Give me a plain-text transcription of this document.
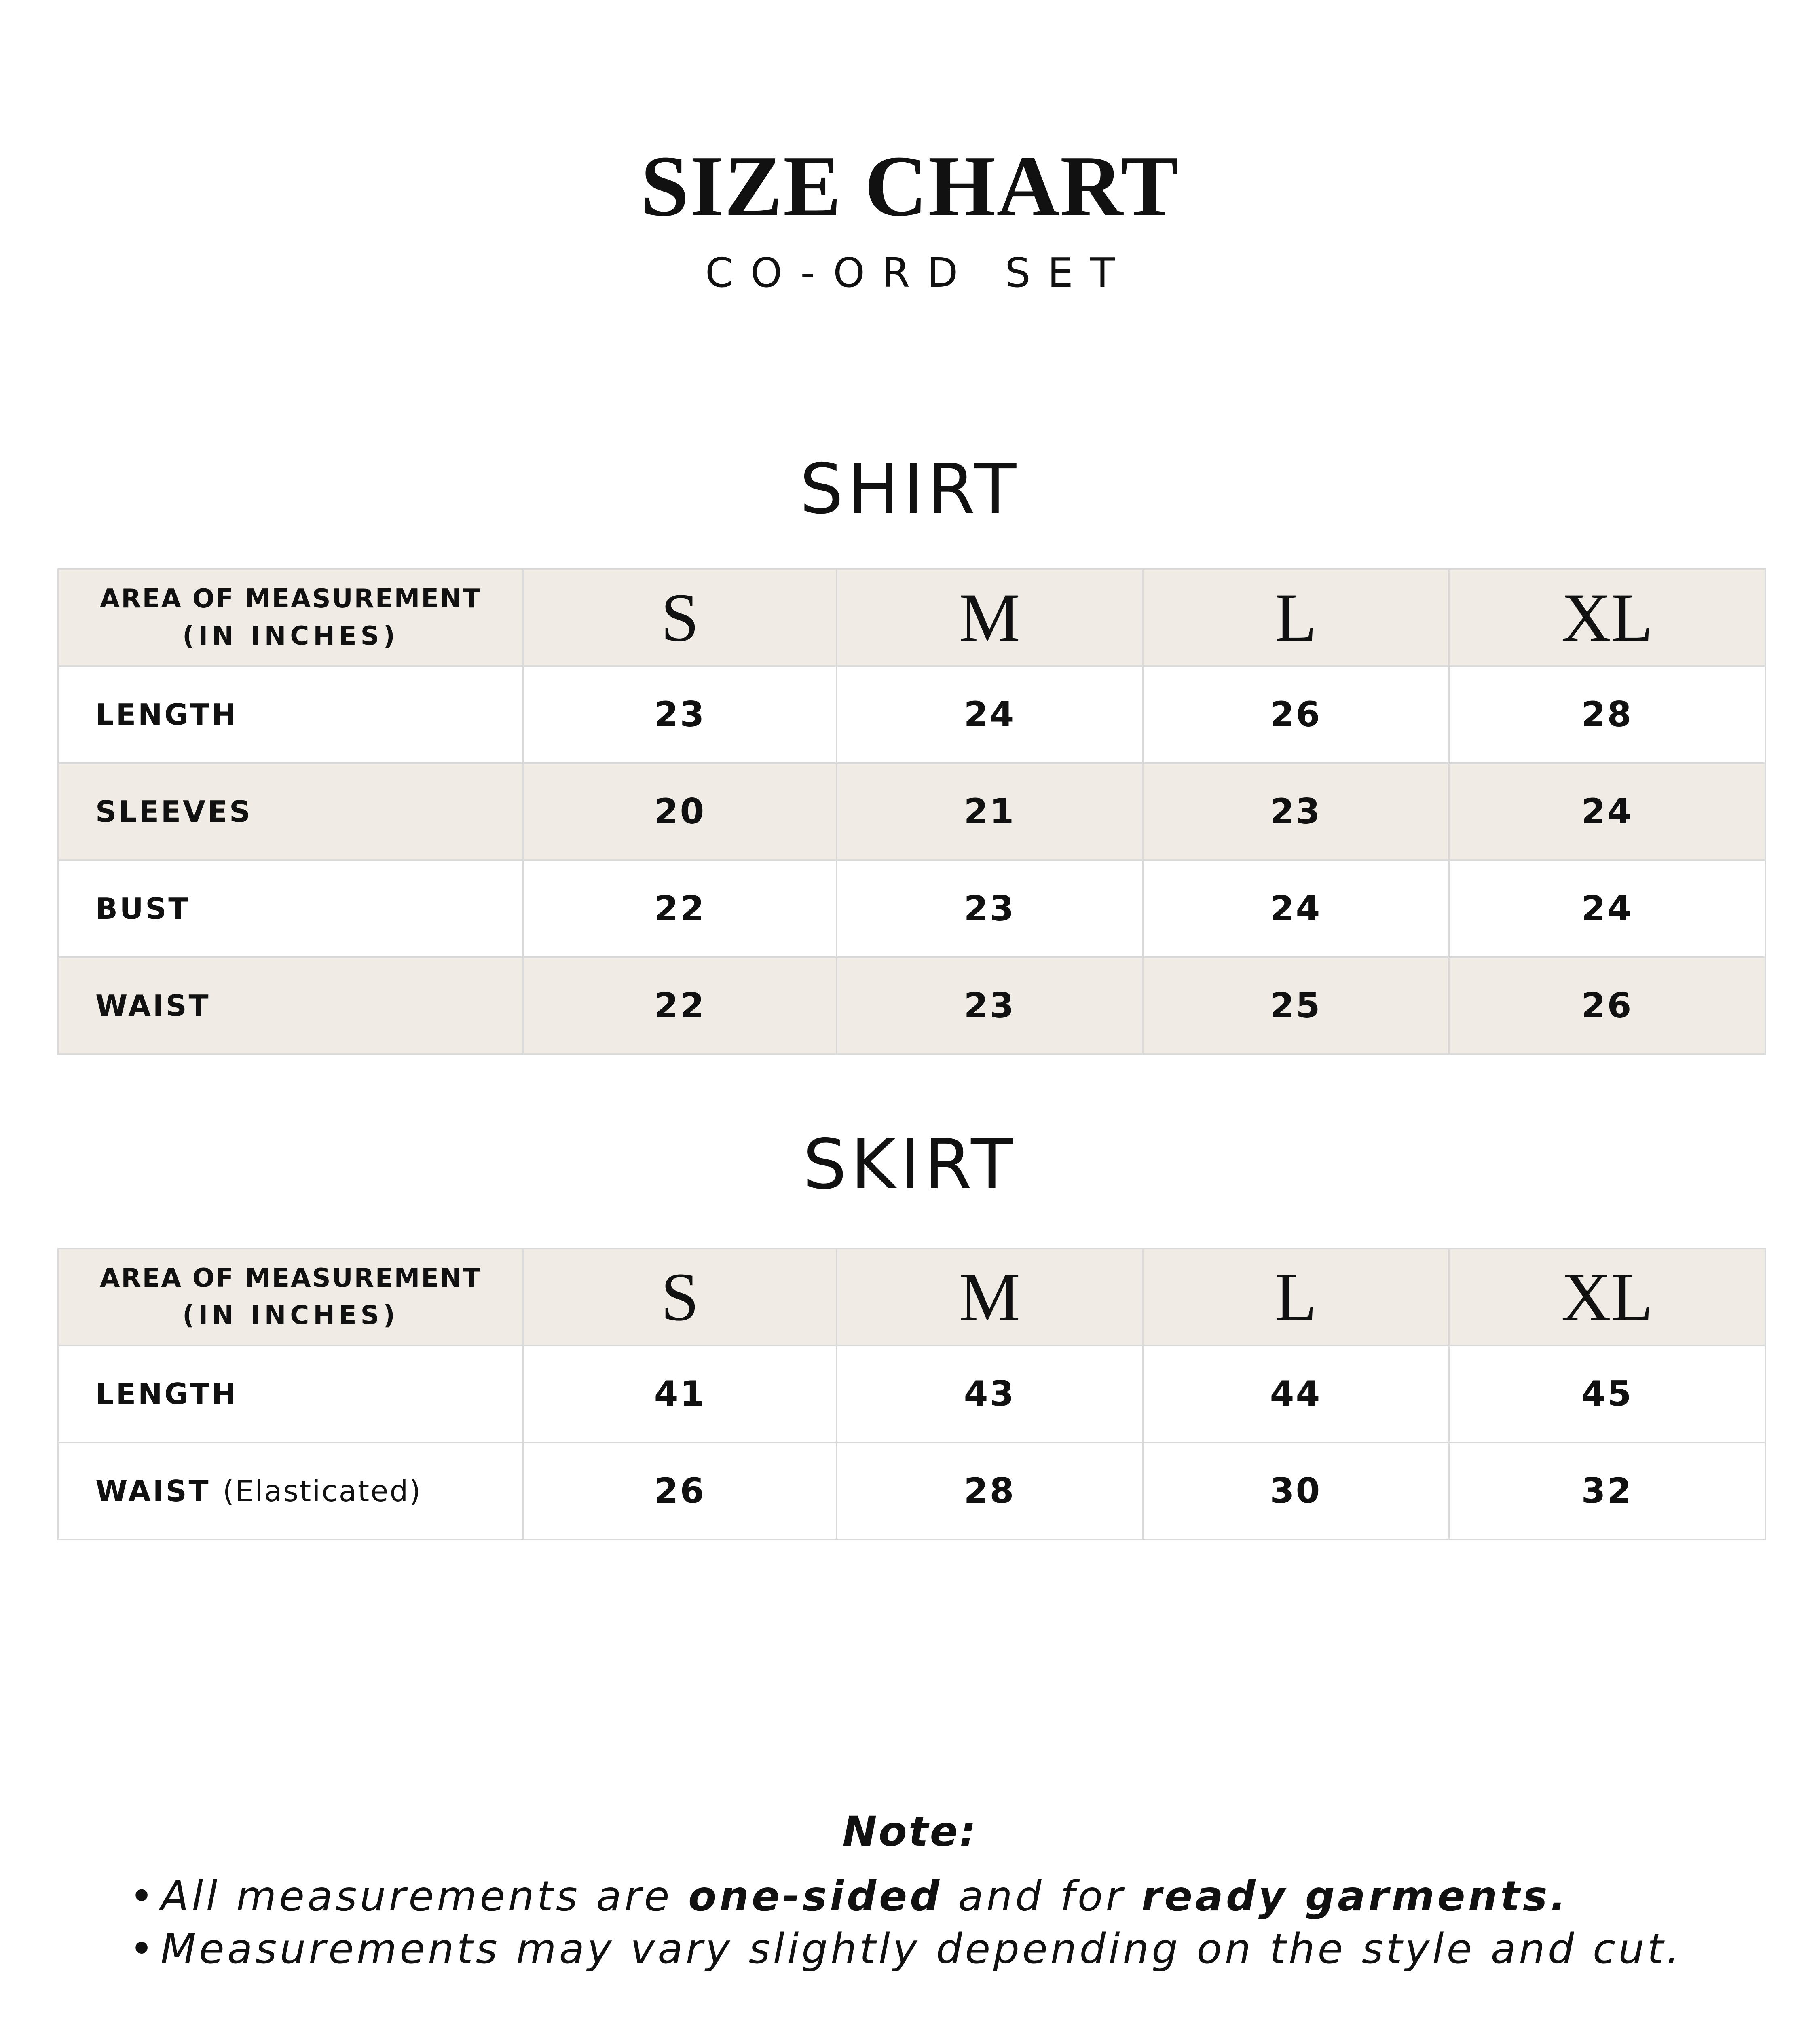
SIZE CHART
CO-ORD SET
SHIRT
AREA OF MEASUREMENT
(IN INCHES)	S	M	L	XL
LENGTH	23	24	26	28
SLEEVES	20	21	23	24
BUST	22	23	24	24
WAIST	22	23	25	26
SKIRT
AREA OF MEASUREMENT
(IN INCHES)	S	M	L	XL
LENGTH	41	43	44	45
WAIST (Elasticated)	26	28	30	32
Note:
•All measurements are one-sided and for ready garments.
•Measurements may vary slightly depending on the style and cut.
